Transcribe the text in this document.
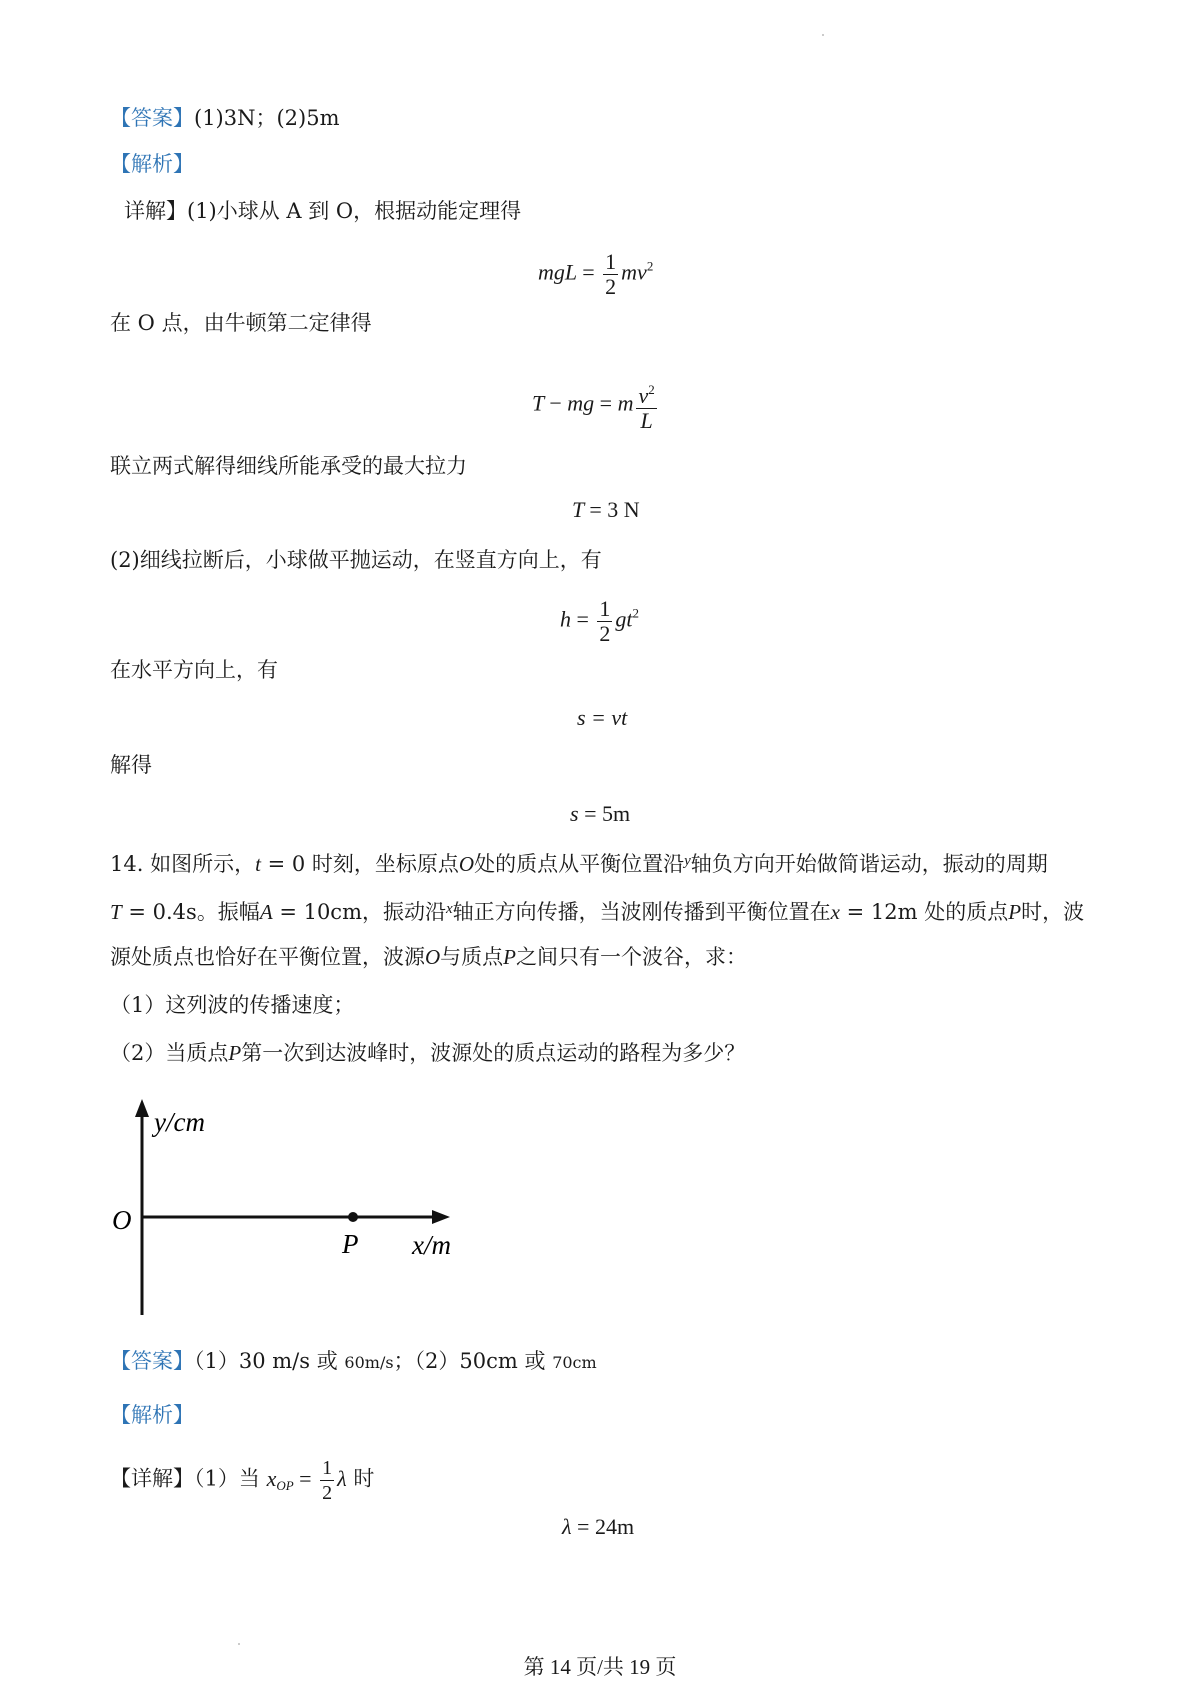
【答案】(1)3N；(2)5m
【解析】
详解】(1)小球从 A 到 O，根据动能定理得
mgL = $\frac{1}{2} mv^2$
在 O 点，由牛顿第二定律得
T − mg = m $\frac{v^2}{L}$
联立两式解得细线所能承受的最大拉力
T = 3 N
(2)细线拉断后，小球做平抛运动，在竖直方向上，有
$h = \frac{1}{2} gt^2$
在水平方向上，有
s = vt
解得
s = 5m
14. 如图所示，t = 0 时刻，坐标原点O处的质点从平衡位置沿$^y$轴负方向开始做简谐运动，振动的周期
T = 0.4s。振幅A = 10cm，振动沿$^x$轴正方向传播，当波刚传播到平衡位置在x = 12m 处的质点P时，波
源处质点也恰好在平衡位置，波源O与质点P之间只有一个波谷，求：
（1）这列波的传播速度；
（2）当质点P第一次到达波峰时，波源处的质点运动的路程为多少？
y/cm
O
P x/m
【答案】（1）30 m/s 或 60m/s；（2）50cm 或 70cm
【解析】
【详解】（1）当 $x_{OP} = \frac{1}{2}$ λ 时
λ = 24m
第 14 页/共 19 页
